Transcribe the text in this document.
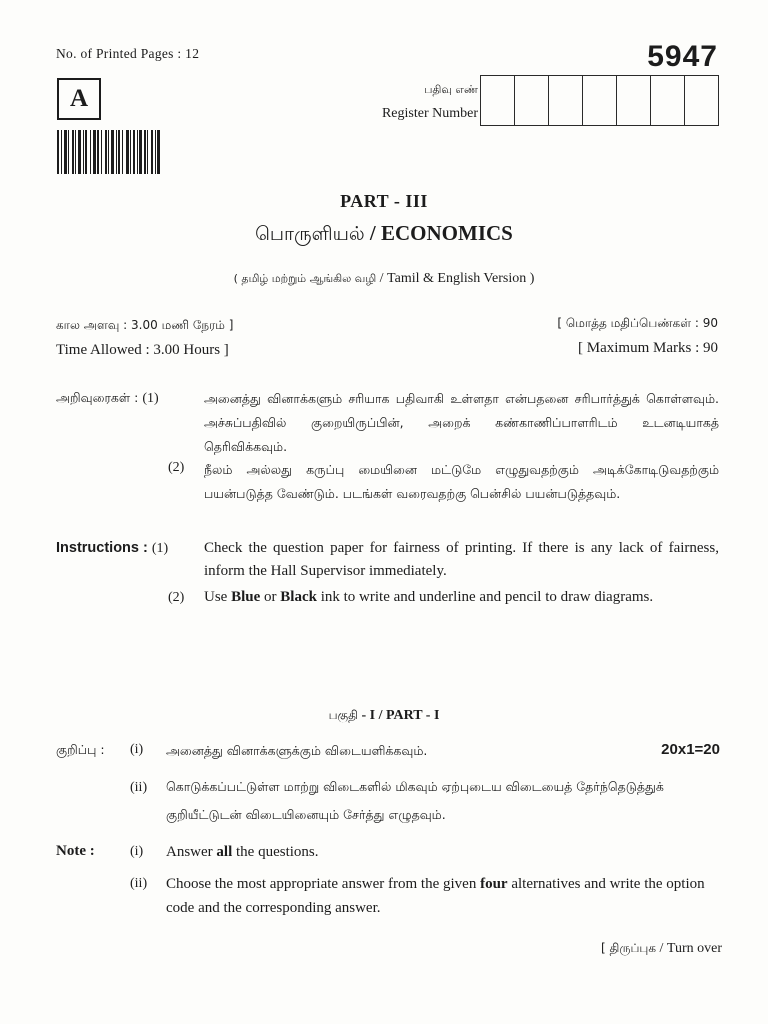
No. of Printed Pages : 12	5947
A	பதிவு எண்
Register Number
PART - III
பொருளியல் / ECONOMICS
( தமிழ் மற்றும் ஆங்கில வழி / Tamil & English Version )
கால அளவு : 3.00 மணி நேரம் ]
Time Allowed : 3.00 Hours ]
[ மொத்த மதிப்பெண்கள் : 90
[ Maximum Marks : 90
அறிவுரைகள் : (1)	அனைத்து வினாக்களும் சரியாக பதிவாகி உள்ளதா என்பதனை சரிபார்த்துக் கொள்ளவும். அச்சுப்பதிவில் குறையிருப்பின், அறைக் கண்காணிப்பாளரிடம் உடனடியாகத் தெரிவிக்கவும்.
(2) நீலம் அல்லது கருப்பு மையினை மட்டுமே எழுதுவதற்கும் அடிக்கோடிடுவதற்கும் பயன்படுத்த வேண்டும். படங்கள் வரைவதற்கு பென்சில் பயன்படுத்தவும்.
Instructions : (1) Check the question paper for fairness of printing. If there is any lack of fairness, inform the Hall Supervisor immediately.
(2) Use Blue or Black ink to write and underline and pencil to draw diagrams.
பகுதி - I / PART - I
குறிப்பு : (i) அனைத்து வினாக்களுக்கும் விடையளிக்கவும்.	20x1=20
(ii) கொடுக்கப்பட்டுள்ள மாற்று விடைகளில் மிகவும் ஏற்புடைய விடையைத் தேர்ந்தெடுத்துக் குறியீட்டுடன் விடையினையும் சேர்த்து எழுதவும்.
Note :	(i) Answer all the questions.
(ii) Choose the most appropriate answer from the given four alternatives and write the option code and the corresponding answer.
[ திருப்புக / Turn over
